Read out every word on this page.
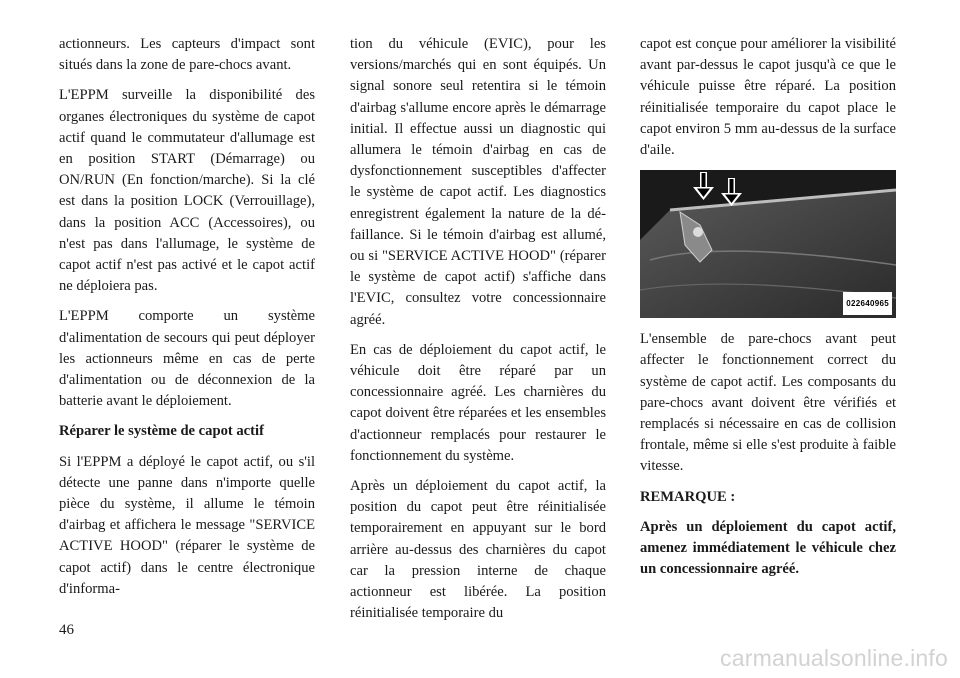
actionneurs. Les capteurs d'impact sont situés dans la zone de pare-chocs avant.

L'EPPM surveille la disponibilité des organes électroniques du système de capot actif quand le commutateur d'allumage est en position START (Démarrage) ou ON/RUN (En fonction/marche). Si la clé est dans la position LOCK (Verrouillage), dans la position ACC (Accessoires), ou n'est pas dans l'allumage, le système de capot actif n'est pas activé et le capot actif ne déploiera pas.

L'EPPM comporte un système d'alimentation de secours qui peut déployer les actionneurs même en cas de perte d'alimentation ou de déconnexion de la batterie avant le déploiement.

Réparer le système de capot actif

Si l'EPPM a déployé le capot actif, ou s'il détecte une panne dans n'importe quelle pièce du système, il allume le témoin d'airbag et affichera le message "SERVICE ACTIVE HOOD" (réparer le système de capot actif) dans le centre électronique d'informa-

tion du véhicule (EVIC), pour les versions/marchés qui en sont équipés. Un signal sonore seul retentira si le témoin d'airbag s'allume encore après le démarrage initial. Il effectue aussi un diagnostic qui allumera le témoin d'airbag en cas de dysfonctionnement susceptibles d'affecter le système de capot actif. Les diagnostics enregistrent également la nature de la défaillance. Si le témoin d'airbag est allumé, ou si "SERVICE ACTIVE HOOD" (réparer le système de capot actif) s'affiche dans l'EVIC, consultez votre concessionnaire agréé.

En cas de déploiement du capot actif, le véhicule doit être réparé par un concessionnaire agréé. Les charnières du capot doivent être réparées et les ensembles d'actionneur remplacés pour restaurer le fonctionnement du système.

Après un déploiement du capot actif, la position du capot peut être réinitialisée temporairement en appuyant sur le bord arrière au-dessus des charnières du capot car la pression interne de chaque actionneur est libérée. La position réinitialisée temporaire du

capot est conçue pour améliorer la visibilité avant par-dessus le capot jusqu'à ce que le véhicule puisse être réparé. La position réinitialisée temporaire du capot place le capot environ 5 mm au-dessus de la surface d'aile.

022640965

L'ensemble de pare-chocs avant peut affecter le fonctionnement correct du système de capot actif. Les composants du pare-chocs avant doivent être vérifiés et remplacés si nécessaire en cas de collision frontale, même si elle s'est produite à faible vitesse.

REMARQUE :

Après un déploiement du capot actif, amenez immédiatement le véhicule chez un concessionnaire agréé.

46
carmanualsonline.info
